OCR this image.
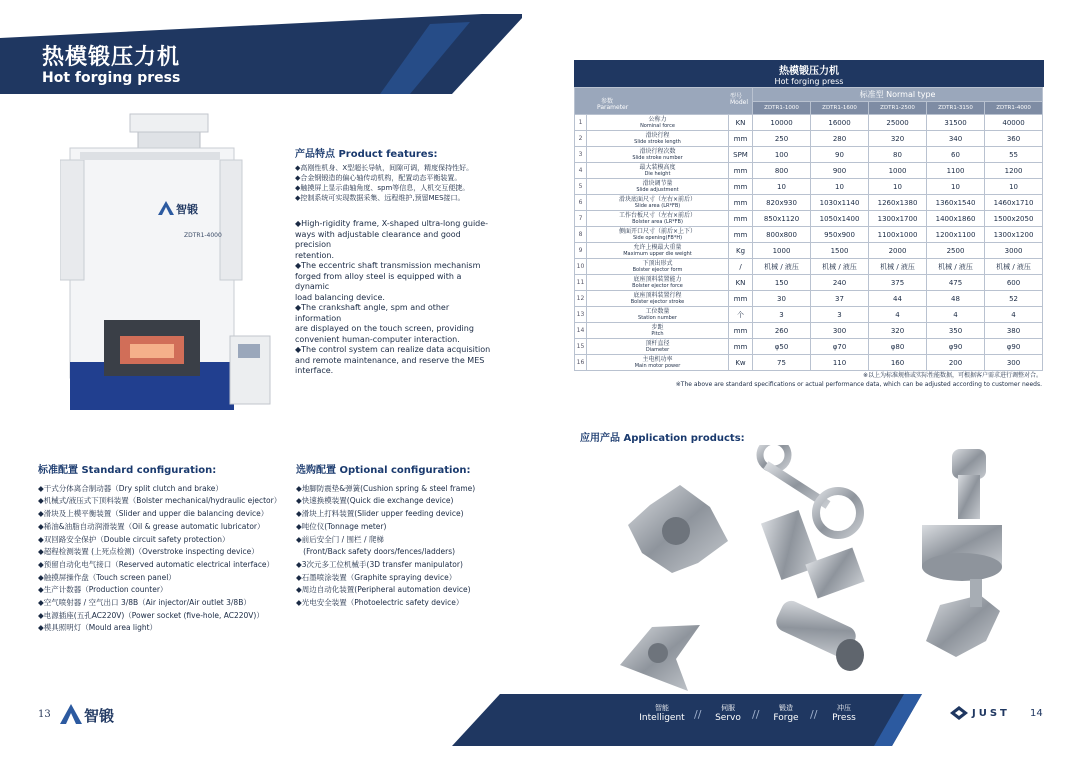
热模锻压力机
Hot forging press
智锻
ZDTR1-4000
产品特点 Product features:
◆高刚性机身、X型超长导轨，间隙可调，精度保持性好。
◆合金钢锻造的偏心轴传动机构，配置动态平衡装置。
◆触摸屏上显示曲轴角度、spm等信息，人机交互便捷。
◆控制系统可实现数据采集、远程维护,预留MES接口。
◆High-rigidity frame, X-shaped ultra-long guide-
ways with adjustable clearance and good precision
retention.
◆The eccentric shaft transmission mechanism
forged from alloy steel is equipped with a dynamic
load balancing device.
◆The crankshaft angle, spm and other information
are displayed on the touch screen, providing
convenient human-computer interaction.
◆The control system can realize data acquisition
and remote maintenance, and reserve the MES
interface.
热模锻压力机
Hot forging press
参数
Parameter
型号
Model			标准型 Normal type				
			ZDTR1-1000	ZDTR1-1600	ZDTR1-2500	ZDTR1-3150	ZDTR1-4000
1	公称力
Nominal force	KN	10000	16000	25000	31500	40000
2	滑块行程
Slide stroke length	mm	250	280	320	340	360
3	滑块行程次数
Slide stroke number	SPM	100	90	80	60	55
4	最大装模高度
Die height	mm	800	900	1000	1100	1200
5	滑块调节量
Slide adjustment	mm	10	10	10	10	10
6	滑块底面尺寸（左右×前后）
Slide area (LR*FB)	mm	820x930	1030x1140	1260x1380	1360x1540	1460x1710
7	工作台板尺寸（左右×前后）
Bolster area (LR*FB)	mm	850x1120	1050x1400	1300x1700	1400x1860	1500x2050
8	侧面开口尺寸（前后×上下）
Side opening(FB*H)	mm	800x800	950x900	1100x1000	1200x1100	1300x1200
9	允许上模最大重量
Maximum upper die weight	Kg	1000	1500	2000	2500	3000
10	下顶出形式
Bolster ejector form	/	机械 / 液压	机械 / 液压	机械 / 液压	机械 / 液压	机械 / 液压
11	底座顶料装置能力
Bolster ejector force	KN	150	240	375	475	600
12	底座顶料装置行程
Bolster ejector stroke	mm	30	37	44	48	52
13	工位数量
Station number	个	3	3	4	4	4
14	步距
Pitch	mm	260	300	320	350	380
15	顶杆直径
Diameter	mm	φ50	φ70	φ80	φ90	φ90
16	主电机功率
Main motor power	Kw	75	110	160	200	300
※以上为标准规格或实际性能数据，可根据客户需求进行调整对合。
※The above are standard specifications or actual performance data, which can be adjusted according to customer needs.
应用产品 Application products:
标准配置 Standard configuration:
◆干式分体离合制动器（Dry split clutch and brake）
◆机械式/液压式下顶料装置（Bolster mechanical/hydraulic ejector）
◆滑块及上模平衡装置（Slider and upper die balancing device）
◆稀油&油脂自动润滑装置（Oil & grease automatic lubricator）
◆双回路安全保护（Double circuit safety protection）
◆超程检测装置 (上死点检测)（Overstroke inspecting device）
◆预留自动化电气接口（Reserved automatic electrical interface）
◆触摸屏操作盘（Touch screen panel）
◆生产计数器（Production counter）
◆空气喷射器 / 空气出口 3/8B（Air injector/Air outlet 3/8B）
◆电源插座(五孔AC220V)（Power socket (five-hole, AC220V)）
◆模具照明灯（Mould area light）
选购配置 Optional configuration:
◆地脚防震垫&弹簧(Cushion spring & steel frame)
◆快速换模装置(Quick die exchange device)
◆滑块上打料装置(Slider upper feeding device)
◆吨位仪(Tonnage meter)
◆前后安全门 / 围栏 / 爬梯
(Front/Back safety doors/fences/ladders)
◆3次元多工位机械手(3D transfer manipulator)
◆石墨喷涂装置（Graphite spraying device）
◆周边自动化装置(Peripheral automation device)
◆光电安全装置（Photoelectric safety device）
13 智锻	智能
Intelligent //	伺服
Servo	//	锻造
Forge	//	冲压
Press	JUST 14
